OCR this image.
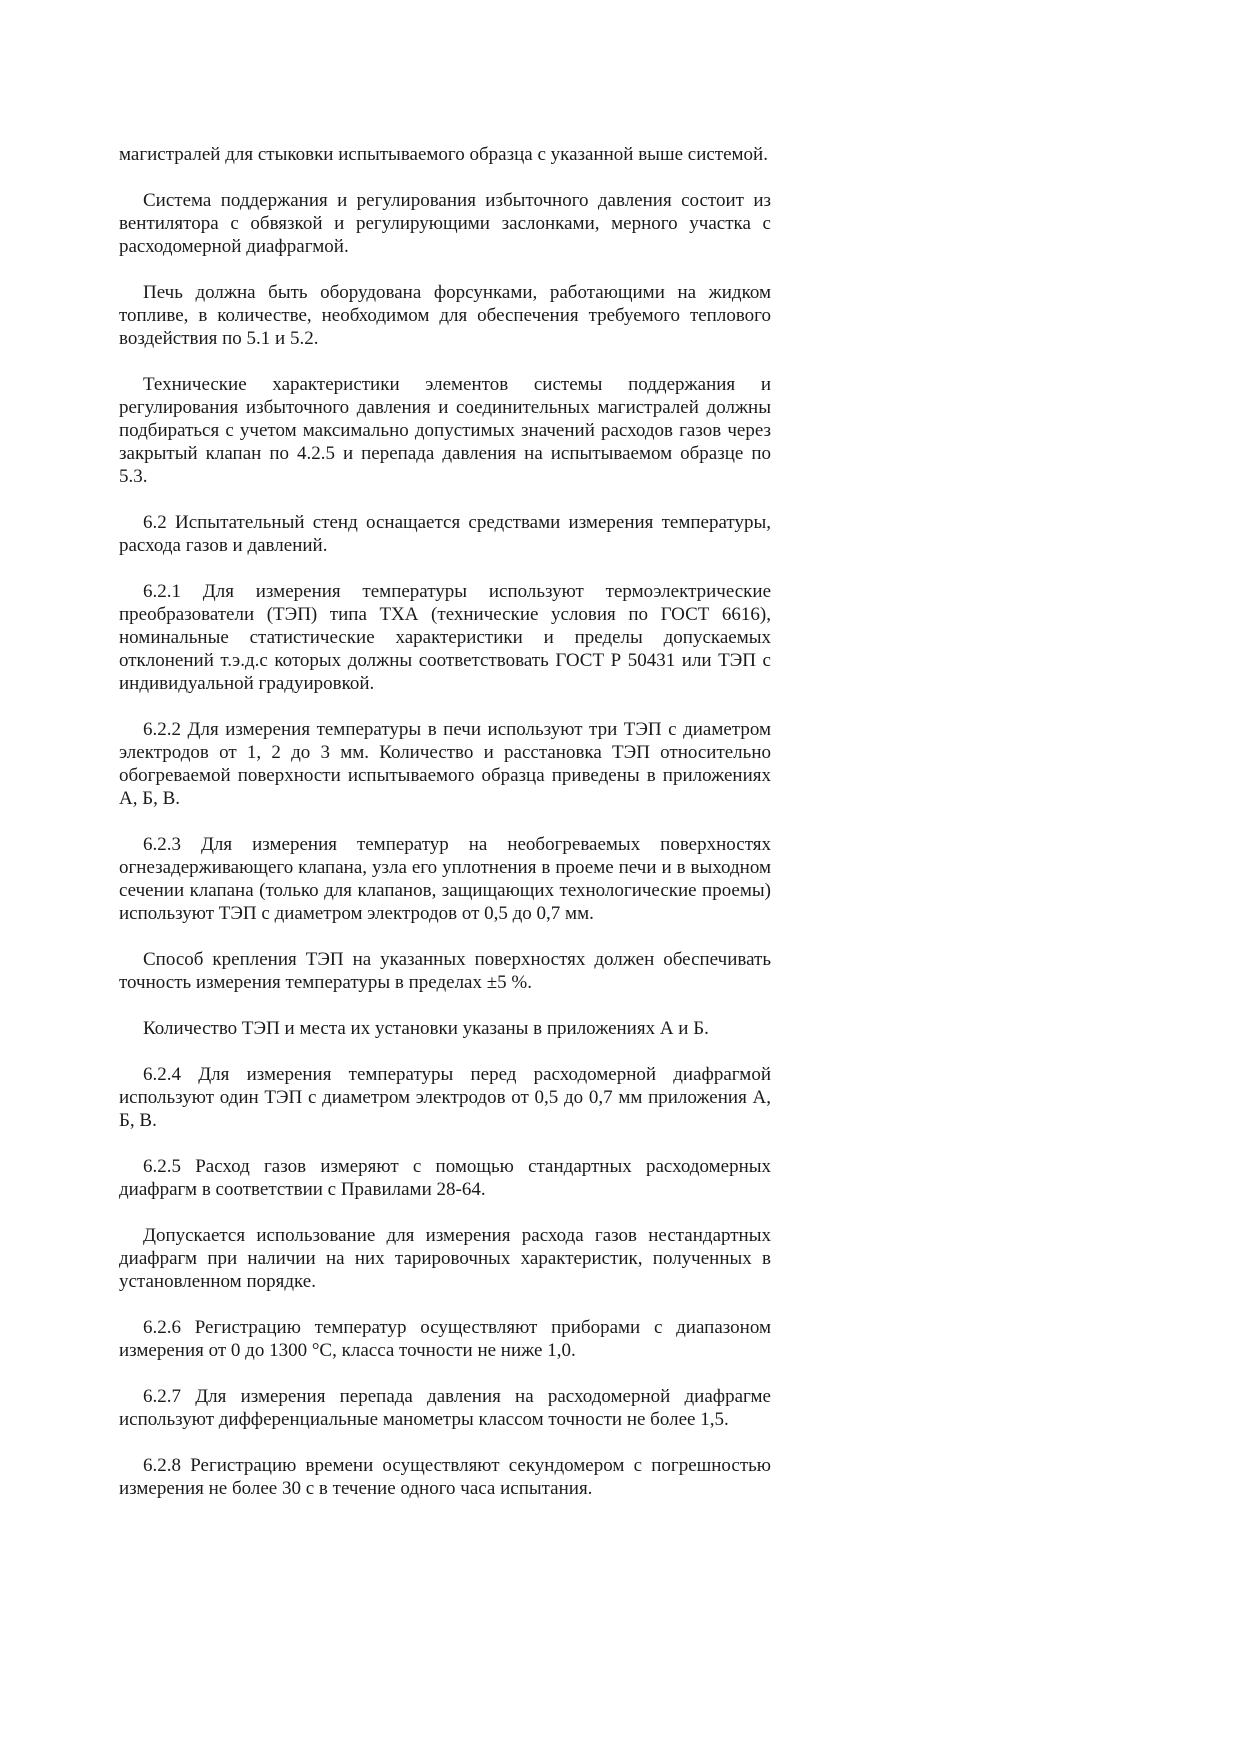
магистралей для стыковки испытываемого образца с указанной выше системой.

Система поддержания и регулирования избыточного давления состоит из вентилятора с обвязкой и регулирующими заслонками, мерного участка с расходомерной диафрагмой.

Печь должна быть оборудована форсунками, работающими на жидком топливе, в количестве, необходимом для обеспечения требуемого теплового воздействия по 5.1 и 5.2.

Технические характеристики элементов системы поддержания и регулирования избыточного давления и соединительных магистралей должны подбираться с учетом максимально допустимых значений расходов газов через закрытый клапан по 4.2.5 и перепада давления на испытываемом образце по 5.3.

6.2 Испытательный стенд оснащается средствами измерения температуры, расхода газов и давлений.

6.2.1 Для измерения температуры используют термоэлектрические преобразователи (ТЭП) типа ТХА (технические условия по ГОСТ 6616), номинальные статистические характеристики и пределы допускаемых отклонений т.э.д.с которых должны соответствовать ГОСТ Р 50431 или ТЭП с индивидуальной градуировкой.

6.2.2 Для измерения температуры в печи используют три ТЭП с диаметром электродов от 1, 2 до 3 мм. Количество и расстановка ТЭП относительно обогреваемой поверхности испытываемого образца приведены в приложениях А, Б, В.

6.2.3 Для измерения температур на необогреваемых поверхностях огнезадерживающего клапана, узла его уплотнения в проеме печи и в выходном сечении клапана (только для клапанов, защищающих технологические проемы) используют ТЭП с диаметром электродов от 0,5 до 0,7 мм.

Способ крепления ТЭП на указанных поверхностях должен обеспечивать точность измерения температуры в пределах ±5 %.

Количество ТЭП и места их установки указаны в приложениях А и Б.

6.2.4 Для измерения температуры перед расходомерной диафрагмой используют один ТЭП с диаметром электродов от 0,5 до 0,7 мм приложения А, Б, В.

6.2.5 Расход газов измеряют с помощью стандартных расходомерных диафрагм в соответствии с Правилами 28-64.

Допускается использование для измерения расхода газов нестандартных диафрагм при наличии на них тарировочных характеристик, полученных в установленном порядке.

6.2.6 Регистрацию температур осуществляют приборами с диапазоном измерения от 0 до 1300 °С, класса точности не ниже 1,0.

6.2.7 Для измерения перепада давления на расходомерной диафрагме используют дифференциальные манометры классом точности не более 1,5.

6.2.8 Регистрацию времени осуществляют секундомером с погрешностью измерения не более 30 с в течение одного часа испытания.
